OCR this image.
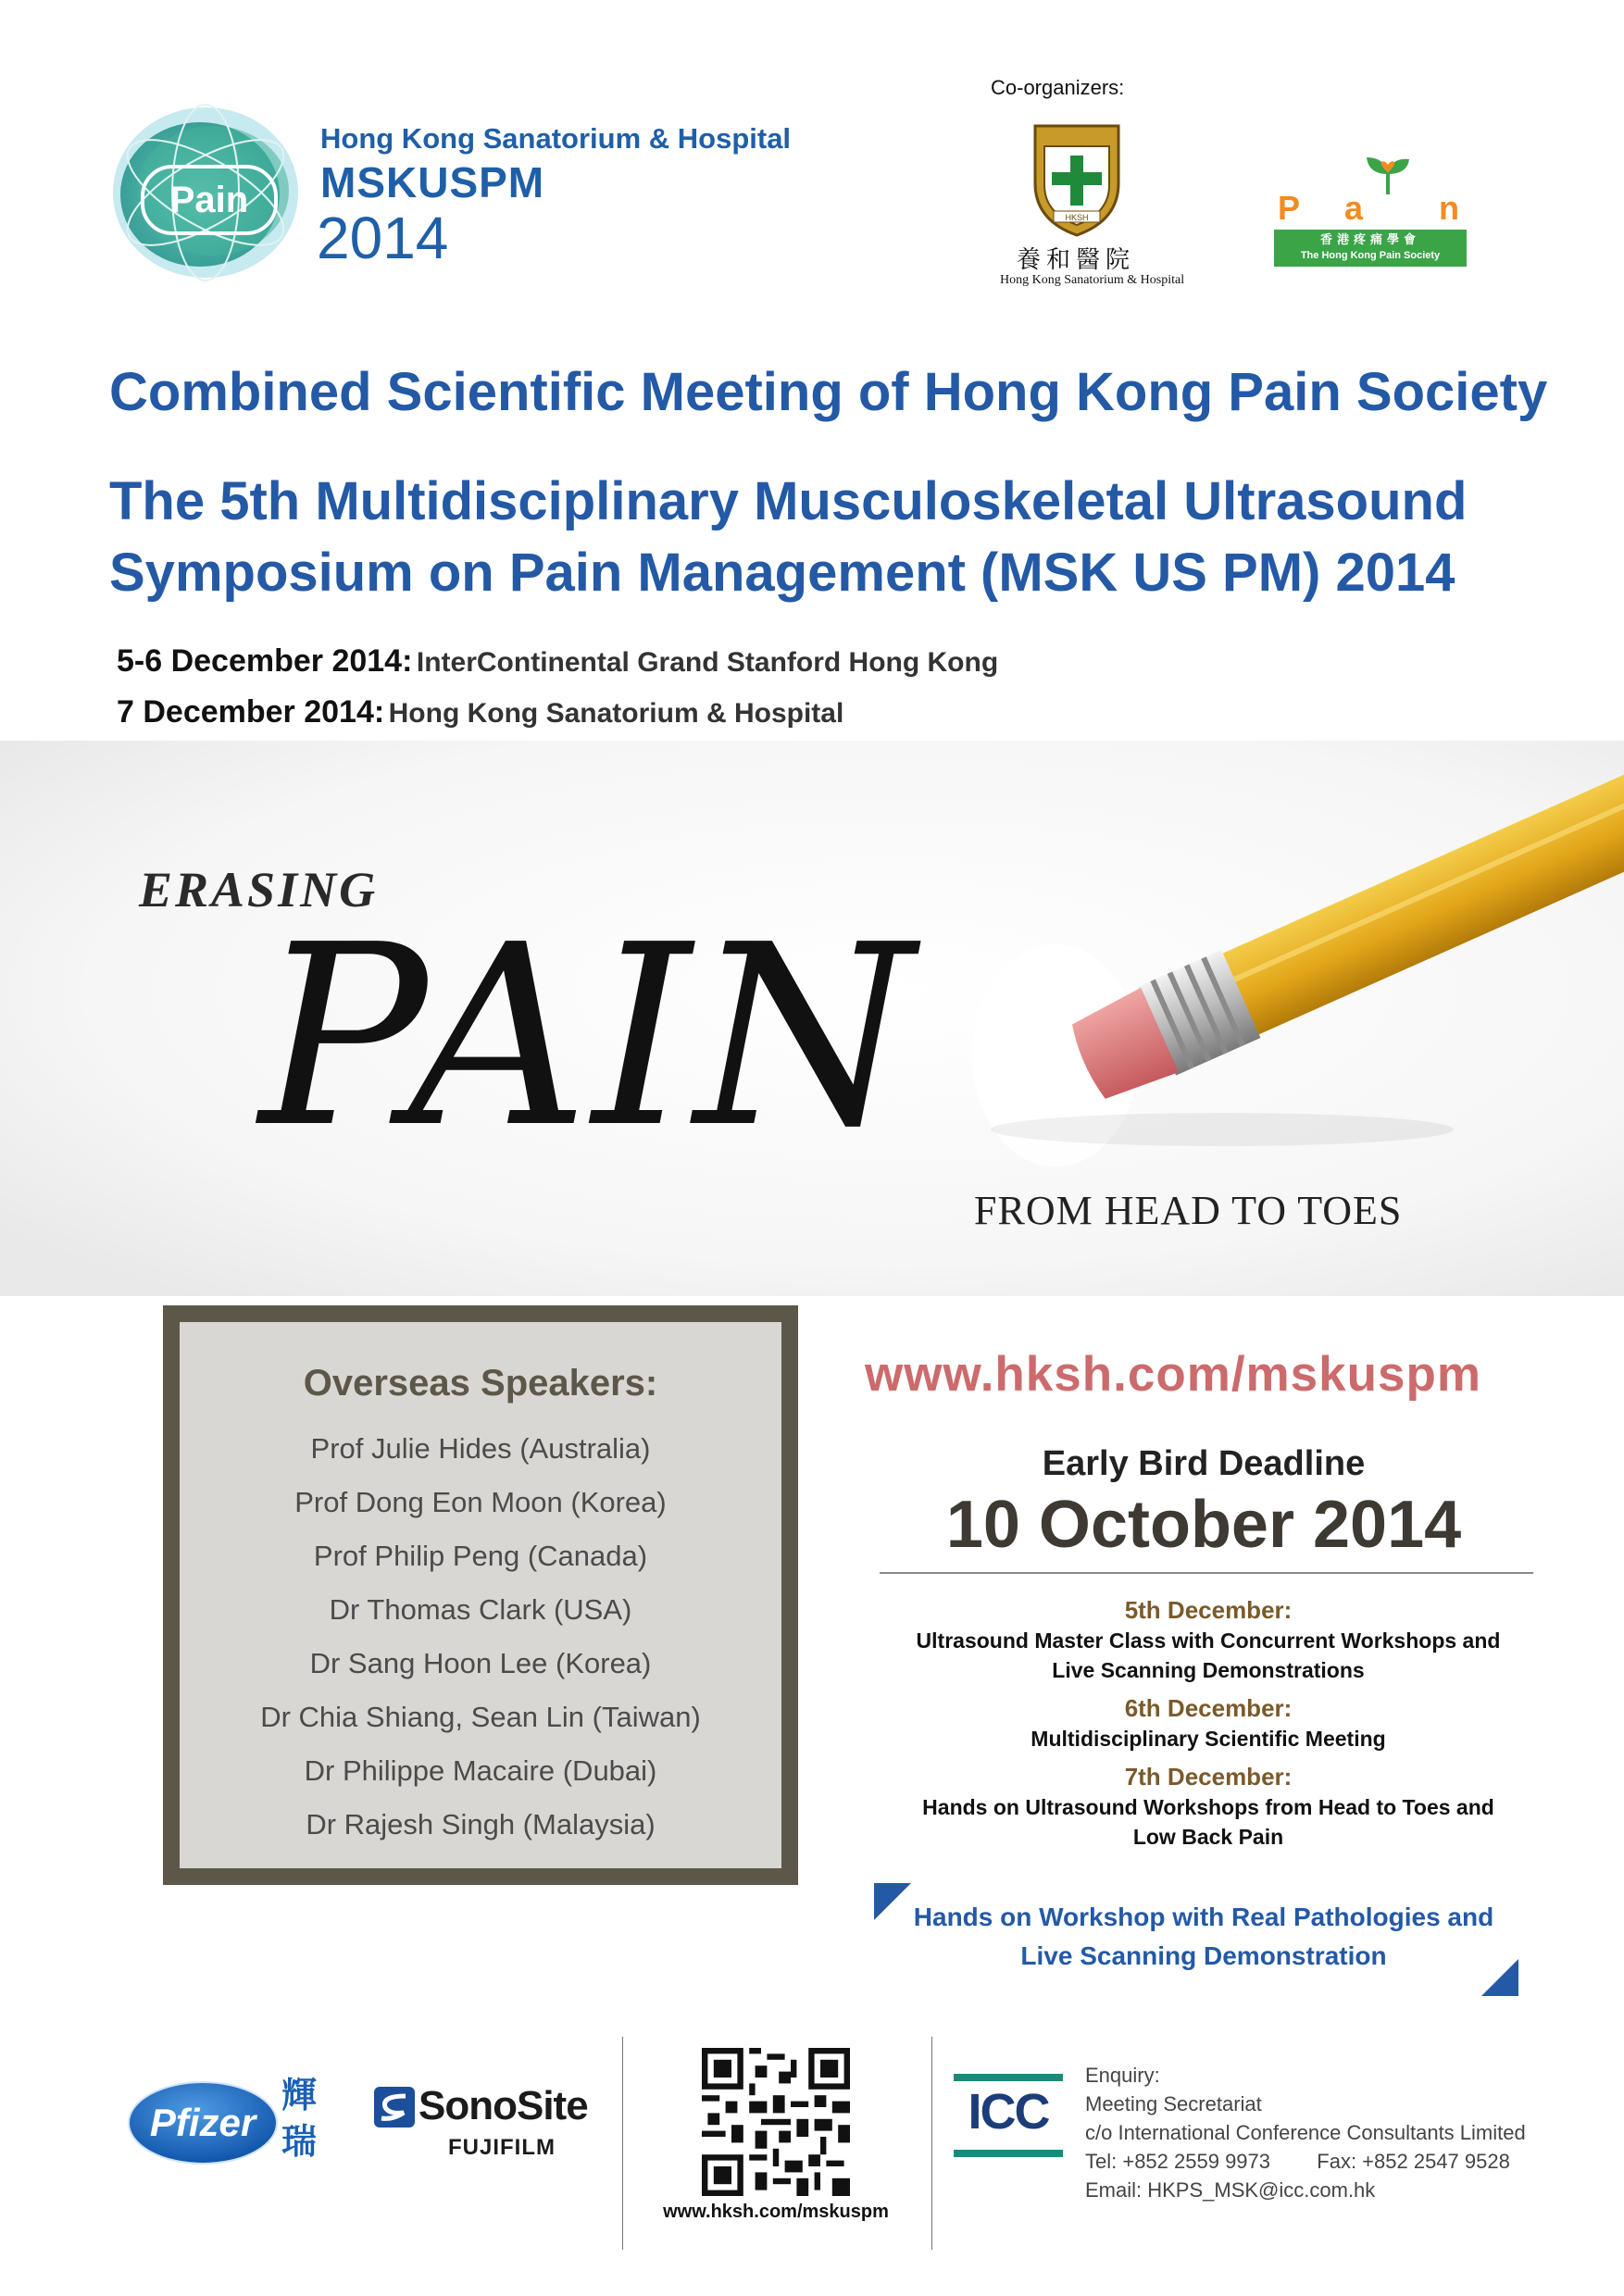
Pain
Hong Kong Sanatorium & Hospital
MSKUSPM
2014
Co-organizers:
HKSH
養和醫院
Hong Kong Sanatorium & Hospital
P a n
香港疼痛學會
The Hong Kong Pain Society
Combined Scientific Meeting of Hong Kong Pain Society
The 5th Multidisciplinary Musculoskeletal Ultrasound
Symposium on Pain Management (MSK US PM) 2014
5-6 December 2014: InterContinental Grand Stanford Hong Kong
7 December 2014: Hong Kong Sanatorium & Hospital
ERASING
PAIN
FROM HEAD TO TOES
Overseas Speakers:
Prof Julie Hides (Australia)
Prof Dong Eon Moon (Korea)
Prof Philip Peng (Canada)
Dr Thomas Clark (USA)
Dr Sang Hoon Lee (Korea)
Dr Chia Shiang, Sean Lin (Taiwan)
Dr Philippe Macaire (Dubai)
Dr Rajesh Singh (Malaysia)
www.hksh.com/mskuspm
Early Bird Deadline
10 October 2014
5th December:
Ultrasound Master Class with Concurrent Workshops and
Live Scanning Demonstrations
6th December:
Multidisciplinary Scientific Meeting
7th December:
Hands on Ultrasound Workshops from Head to Toes and
Low Back Pain
Hands on Workshop with Real Pathologies and
Live Scanning Demonstration
Pfizer
輝
瑞
SonoSite
FUJIFILM
www.hksh.com/mskuspm
ICC
Enquiry:
Meeting Secretariat
c/o International Conference Consultants Limited
Tel: +852 2559 9973 Fax: +852 2547 9528
Email: HKPS_MSK@icc.com.hk
